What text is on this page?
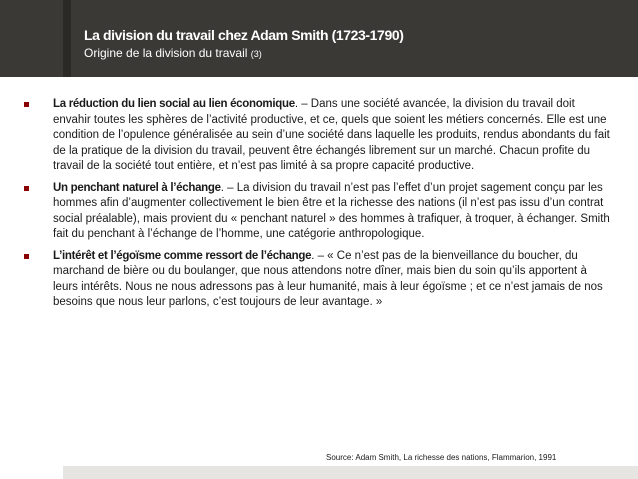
La division du travail chez Adam Smith (1723-1790)

Origine de la division du travail (3)

La réduction du lien social au lien économique. – Dans une société avancée, la division du travail doit envahir toutes les sphères de l’activité productive, et ce, quels que soient les métiers concernés. Elle est une condition de l’opulence généralisée au sein d’une société dans laquelle les produits, rendus abondants du fait de la pratique de la division du travail, peuvent être échangés librement sur un marché. Chacun profite du travail de la société tout entière, et n’est pas limité à sa propre capacité productive.
Un penchant naturel à l’échange. – La division du travail n’est pas l’effet d’un projet sagement conçu par les hommes afin d’augmenter collectivement le bien être et la richesse des nations (il n’est pas issu d’un contrat social préalable), mais provient du « penchant naturel » des hommes à trafiquer, à troquer, à échanger. Smith fait du penchant à l’échange de l’homme, une catégorie anthropologique.
L’intérêt et l’égoïsme comme ressort de l’échange. – « Ce n’est pas de la bienveillance du boucher, du marchand de bière ou du boulanger, que nous attendons notre dîner, mais bien du soin qu’ils apportent à leurs intérêts. Nous ne nous adressons pas à leur humanité, mais à leur égoïsme ; et ce n’est jamais de nos besoins que nous leur parlons, c’est toujours de leur avantage. »
Source: Adam Smith, La richesse des nations, Flammarion, 1991
